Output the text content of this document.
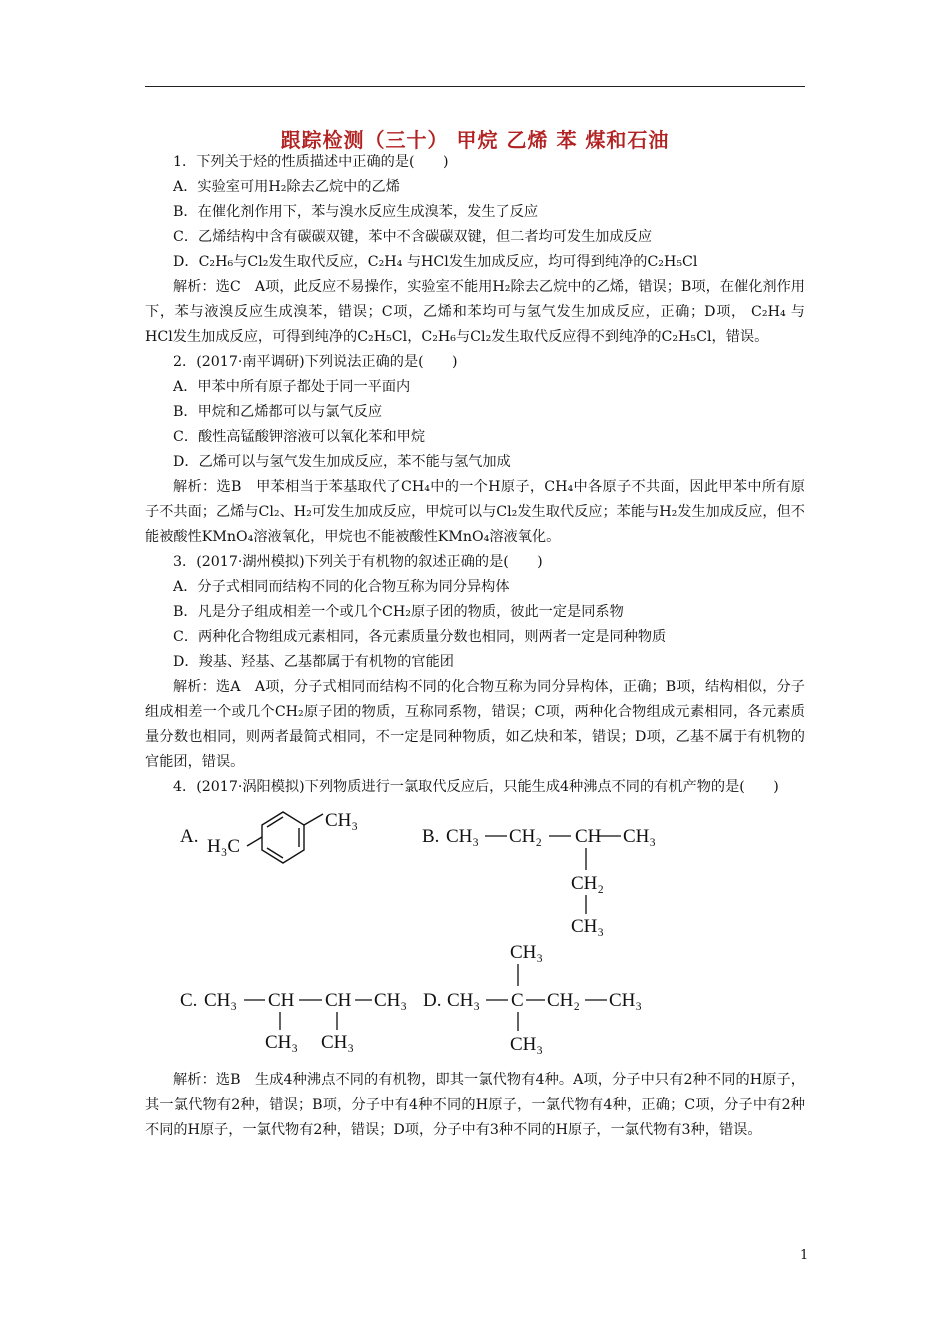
跟踪检测（三十） 甲烷 乙烯 苯 煤和石油

1．下列关于烃的性质描述中正确的是(　　)

A．实验室可用H₂除去乙烷中的乙烯

B．在催化剂作用下，苯与溴水反应生成溴苯，发生了反应

C．乙烯结构中含有碳碳双键，苯中不含碳碳双键，但二者均可发生加成反应

D．C₂H₆与Cl₂发生取代反应，C₂H₄ 与HCl发生加成反应，均可得到纯净的C₂H₅Cl

解析：选C　A项，此反应不易操作，实验室不能用H₂除去乙烷中的乙烯，错误；B项，在催化剂作用下，苯与液溴反应生成溴苯，错误；C项，乙烯和苯均可与氢气发生加成反应，正确；D项， C₂H₄ 与HCl发生加成反应，可得到纯净的C₂H₅Cl，C₂H₆与Cl₂发生取代反应得不到纯净的C₂H₅Cl，错误。

2．(2017·南平调研)下列说法正确的是(　　)

A．甲苯中所有原子都处于同一平面内

B．甲烷和乙烯都可以与氯气反应

C．酸性高锰酸钾溶液可以氧化苯和甲烷

D．乙烯可以与氢气发生加成反应，苯不能与氢气加成

解析：选B　甲苯相当于苯基取代了CH₄中的一个H原子，CH₄中各原子不共面，因此甲苯中所有原子不共面；乙烯与Cl₂、H₂可发生加成反应，甲烷可以与Cl₂发生取代反应；苯能与H₂发生加成反应，但不能被酸性KMnO₄溶液氧化，甲烷也不能被酸性KMnO₄溶液氧化。

3．(2017·湖州模拟)下列关于有机物的叙述正确的是(　　)

A．分子式相同而结构不同的化合物互称为同分异构体

B．凡是分子组成相差一个或几个CH₂原子团的物质，彼此一定是同系物

C．两种化合物组成元素相同，各元素质量分数也相同，则两者一定是同种物质

D．羧基、羟基、乙基都属于有机物的官能团

解析：选A　A项，分子式相同而结构不同的化合物互称为同分异构体，正确；B项，结构相似，分子组成相差一个或几个CH₂原子团的物质，互称同系物，错误；C项，两种化合物组成元素相同，各元素质量分数也相同，则两者最简式相同，不一定是同种物质，如乙炔和苯，错误；D项，乙基不属于有机物的官能团，错误。

4．(2017·涡阳模拟)下列物质进行一氯取代反应后，只能生成4种沸点不同的有机产物的是(　　)

A. H₃C
CH₃
B. CH₃ CH₂ CH CH₃
CH₂
CH₃
C. CH₃ CH CH CH₃
CH₃ CH₃
D. CH₃ C CH₂ CH₃
CH₃
CH₃

解析：选B　生成4种沸点不同的有机物，即其一氯代物有4种。A项，分子中只有2种不同的H原子，其一氯代物有2种，错误；B项，分子中有4种不同的H原子，一氯代物有4种，正确；C项，分子中有2种不同的H原子，一氯代物有2种，错误；D项，分子中有3种不同的H原子，一氯代物有3种，错误。

1
